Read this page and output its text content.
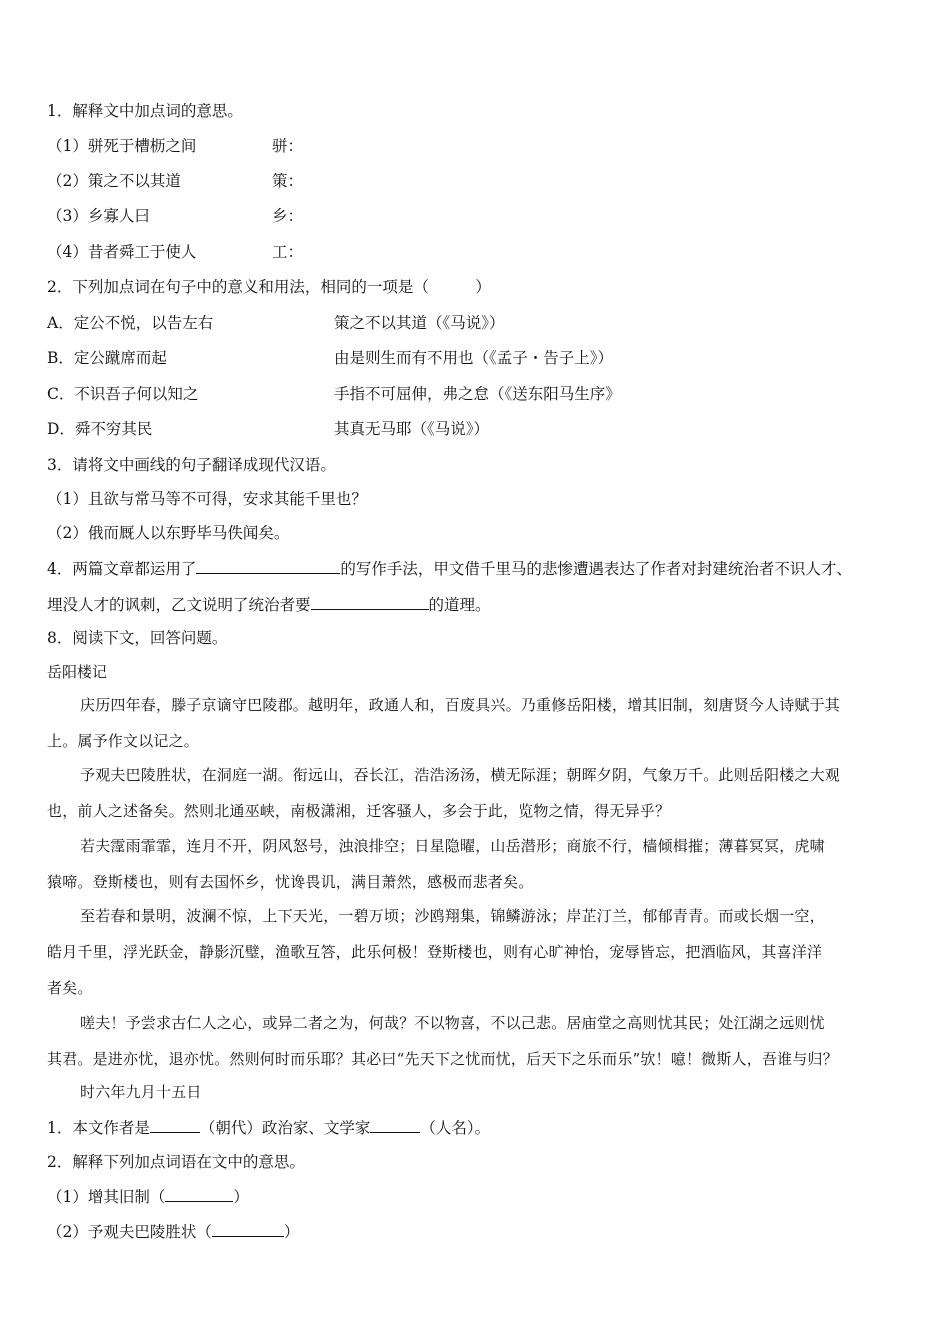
1．解释文中加点词的意思。
（1）骈死于槽枥之间	骈：
（2）策之不以其道	策：
（3）乡寡人曰	乡：
（4）昔者舜工于使人	工：
2．下列加点词在句子中的意义和用法，相同的一项是（　　　）
A．定公不悦，以告左右	策之不以其道（《马说》）
B．定公蹴席而起	由是则生而有不用也（《孟子・告子上》）
C．不识吾子何以知之	手指不可屈伸，弗之怠（《送东阳马生序》
D．舜不穷其民	其真无马耶（《马说》）
3．请将文中画线的句子翻译成现代汉语。
（1）且欲与常马等不可得，安求其能千里也？
（2）俄而厩人以东野毕马佚闻矣。
4．两篇文章都运用了	的写作手法，甲文借千里马的悲惨遭遇表达了作者对封建统治者不识人才、
埋没人才的讽刺，乙文说明了统治者要	的道理。
8．阅读下文，回答问题。
岳阳楼记
庆历四年春，滕子京谪守巴陵郡。越明年，政通人和，百废具兴。乃重修岳阳楼，增其旧制，刻唐贤今人诗赋于其
上。属予作文以记之。
予观夫巴陵胜状，在洞庭一湖。衔远山，吞长江，浩浩汤汤，横无际涯；朝晖夕阴，气象万千。此则岳阳楼之大观
也，前人之述备矣。然则北通巫峡，南极潇湘，迁客骚人，多会于此，览物之情，得无异乎？
若夫霪雨霏霏，连月不开，阴风怒号，浊浪排空；日星隐曜，山岳潜形；商旅不行，樯倾楫摧；薄暮冥冥，虎啸
猿啼。登斯楼也，则有去国怀乡，忧谗畏讥，满目萧然，感极而悲者矣。
至若春和景明，波澜不惊，上下天光，一碧万顷；沙鸥翔集，锦鳞游泳；岸芷汀兰，郁郁青青。而或长烟一空，
皓月千里，浮光跃金，静影沉璧，渔歌互答，此乐何极！登斯楼也，则有心旷神怡，宠辱皆忘，把酒临风，其喜洋洋
者矣。
嗟夫！予尝求古仁人之心，或异二者之为，何哉？不以物喜，不以己悲。居庙堂之高则忧其民；处江湖之远则忧
其君。是进亦忧，退亦忧。然则何时而乐耶？其必曰“先天下之忧而忧，后天下之乐而乐”欤！噫！微斯人，吾谁与归？
时六年九月十五日
1．本文作者是	（朝代）政治家、文学家	（人名）。
2．解释下列加点词语在文中的意思。
（1）增其旧制（	）
（2）予观夫巴陵胜状（	）
